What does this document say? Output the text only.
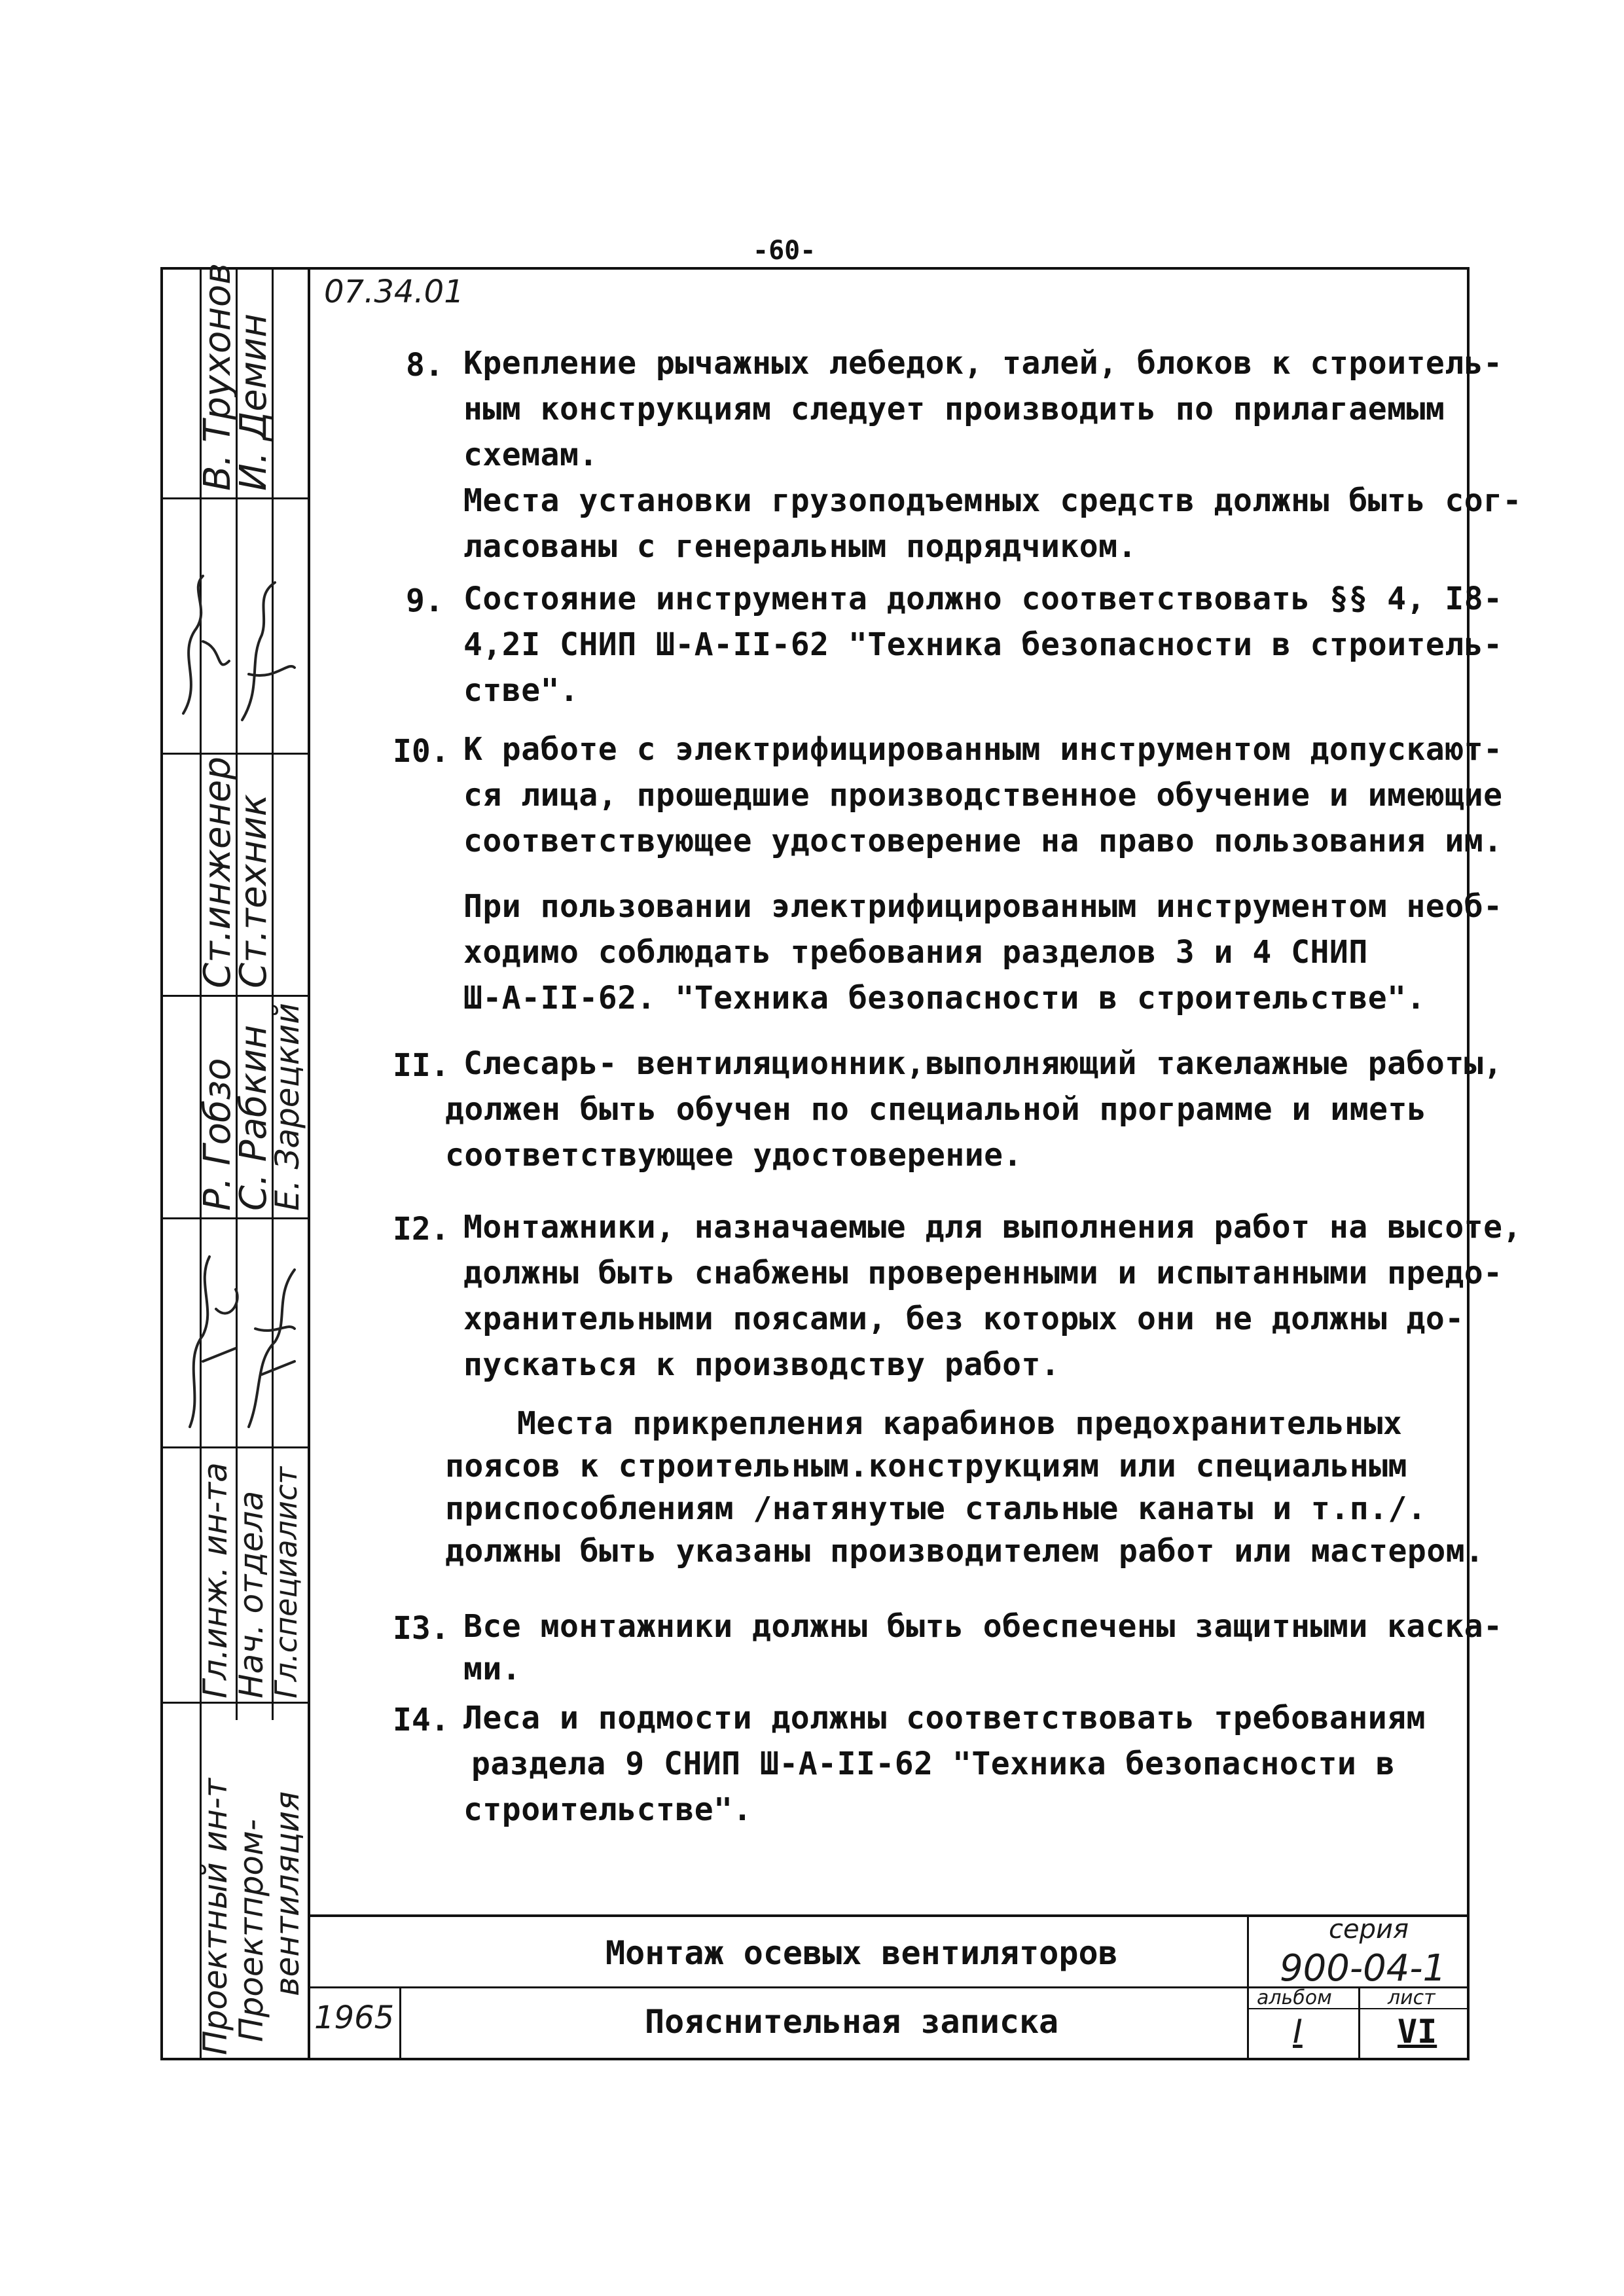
-60-
В. Трухонов
И. Демин
Ст.инженер
Ст.техник
Р. Гобзо
С. Рабкин
Е. Зарецкий
Гл.инж. ин-та
Нач. отдела
Гл.специалист
Проектный ин-т
Проектпром-
вентиляция
07.34.01
8. Крепление рычажных лебедок, талей, блоков к строитель-
ным конструкциям следует производить по прилагаемым
схемам.
Места установки грузоподъемных средств должны быть сог-
ласованы с генеральным подрядчиком.
9. Состояние инструмента должно соответствовать §§ 4, I8-
4,2I СНИП Ш-А-II-62 "Техника безопасности в строитель-
стве".
I0. К работе с электрифицированным инструментом допускают-
ся лица, прошедшие производственное обучение и имеющие
соответствующее удостоверение на право пользования им.
При пользовании электрифицированным инструментом необ-
ходимо соблюдать требования разделов 3 и 4 СНИП
Ш-А-II-62. "Техника безопасности в строительстве".
II. Слесарь- вентиляционник,выполняющий такелажные работы,
должен быть обучен по специальной программе и иметь
соответствующее удостоверение.
I2. Монтажники, назначаемые для выполнения работ на высоте,
должны быть снабжены проверенными и испытанными предо-
хранительными поясами, без которых они не должны до-
пускаться к производству работ.
Места прикрепления карабинов предохранительных
поясов к строительным.конструкциям или специальным
приспособлениям /натянутые стальные канаты и т.п./.
должны быть указаны производителем работ или мастером.
I3. Все монтажники должны быть обеспечены защитными каска-
ми.
I4. Леса и подмости должны соответствовать требованиям
раздела 9 СНИП Ш-А-II-62 "Техника безопасности в
строительстве".
Монтаж осевых вентиляторов
Пояснительная записка
1965
серия
900-04-1
альбом
I
лист
VI
